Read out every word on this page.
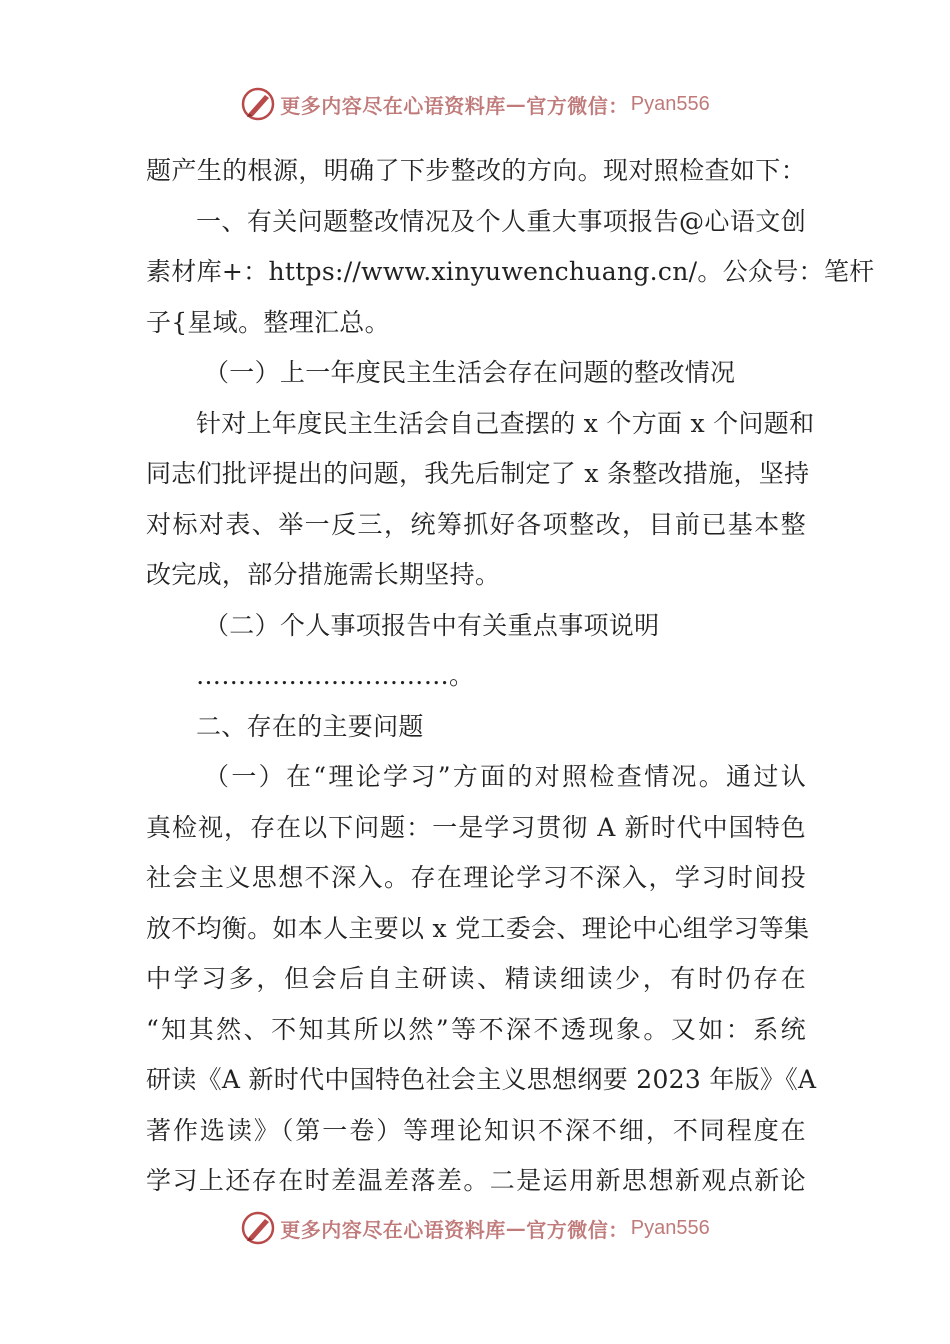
更多内容尽在心语资料库 — 官方微信： Pyan556
题产生的根源，明确了下步整改的方向。现对照检查如下：
一、有关问题整改情况及个人重大事项报告@心语文创
素材库+：https://www.xinyuwenchuang.cn/。公众号：笔杆
子{星域。整理汇总。
（一）上一年度民主生活会存在问题的整改情况
针对上年度民主生活会自己查摆的 x 个方面 x 个问题和
同志们批评提出的问题，我先后制定了 x 条整改措施，坚持
对标对表、举一反三，统筹抓好各项整改，目前已基本整
改完成，部分措施需长期坚持。
（二）个人事项报告中有关重点事项说明
…………………………。
二、存在的主要问题
（一）在“理论学习”方面的对照检查情况。通过认
真检视，存在以下问题：一是学习贯彻 A 新时代中国特色
社会主义思想不深入。存在理论学习不深入，学习时间投
放不均衡。如本人主要以 x 党工委会、理论中心组学习等集
中学习多，但会后自主研读、精读细读少，有时仍存在
“知其然、不知其所以然”等不深不透现象。又如：系统
研读《A 新时代中国特色社会主义思想纲要 2023 年版》《A
著作选读》（第一卷）等理论知识不深不细，不同程度在
学习上还存在时差温差落差。二是运用新思想新观点新论
更多内容尽在心语资料库 — 官方微信： Pyan556
